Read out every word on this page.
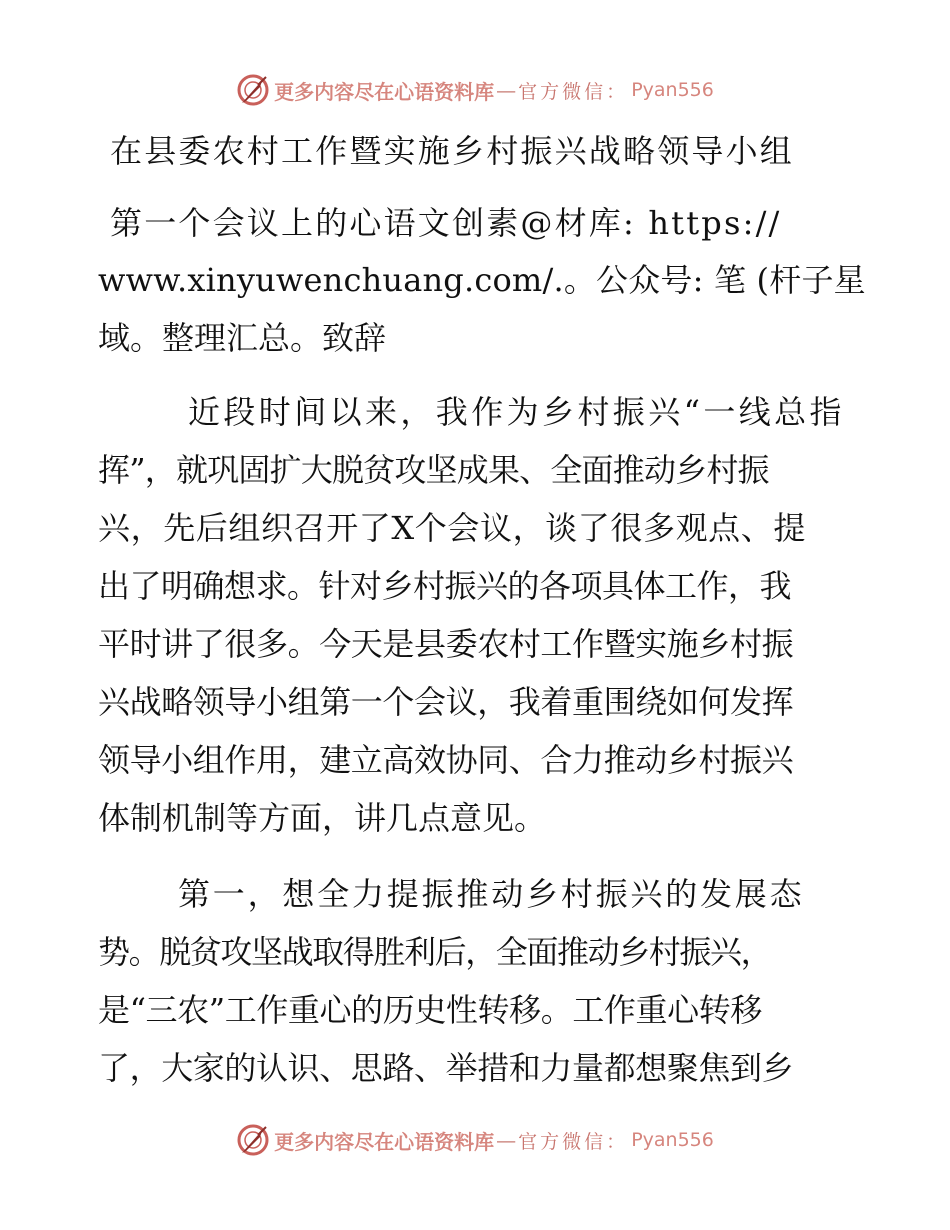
更多内容尽在心语资料库 — 官方微信 ： Pyan556
在县委农村工作暨实施乡村振兴战略领导小组
第一个会议上的心语文创素@材库: https://
www.xinyuwenchuang.com/.。公众号: 笔 (杆子星
域。整理汇总。致辞
近段时间以来，我作为乡村振兴“一线总指
挥”，就巩固扩大脱贫攻坚成果、全面推动乡村振
兴，先后组织召开了X个会议，谈了很多观点、提
出了明确想求。针对乡村振兴的各项具体工作，我
平时讲了很多。今天是县委农村工作暨实施乡村振
兴战略领导小组第一个会议，我着重围绕如何发挥
领导小组作用，建立高效协同、合力推动乡村振兴
体制机制等方面，讲几点意见。
第一，想全力提振推动乡村振兴的发展态
势。脱贫攻坚战取得胜利后，全面推动乡村振兴，
是“三农”工作重心的历史性转移。工作重心转移
了，大家的认识、思路、举措和力量都想聚焦到乡
更多内容尽在心语资料库 — 官方微信 ： Pyan556
